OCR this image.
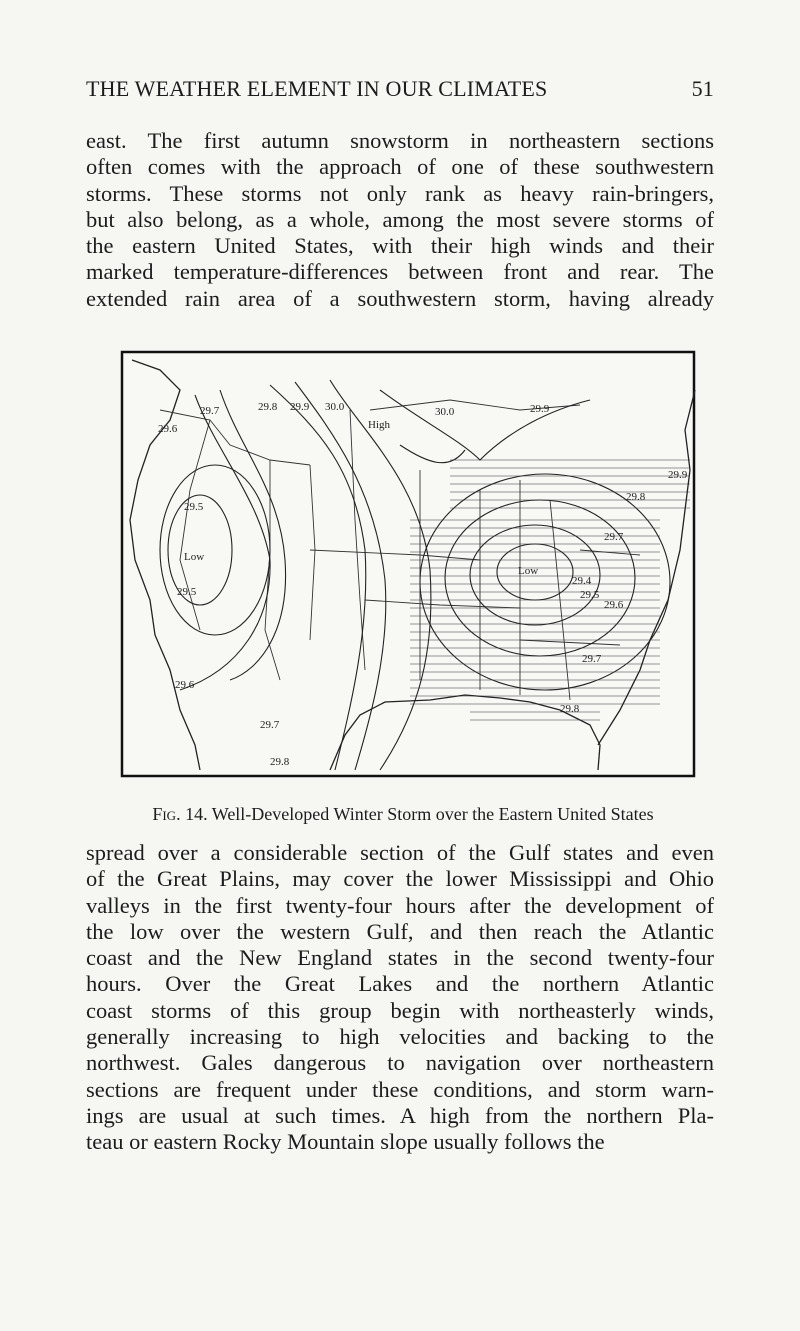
THE WEATHER ELEMENT IN OUR CLIMATES	51
east. The first autumn snowstorm in northeastern sections
often comes with the approach of one of these southwestern
storms. These storms not only rank as heavy rain-bringers,
but also belong, as a whole, among the most severe storms of
the eastern United States, with their high winds and their
marked temperature-differences between front and rear. The
extended rain area of a southwestern storm, having already
29.8 29.9 30.0
29.7
29.6
29.5
29.5
29.6
29.7
29.8
Low
30.0	29.9
High
Low
29.9
29.8
29.7
29.4
29.5
29.6
29.7
29.8
Fig. 14. Well-Developed Winter Storm over the Eastern United States
spread over a considerable section of the Gulf states and even
of the Great Plains, may cover the lower Mississippi and Ohio
valleys in the first twenty-four hours after the development of
the low over the western Gulf, and then reach the Atlantic
coast and the New England states in the second twenty-four
hours. Over the Great Lakes and the northern Atlantic
coast storms of this group begin with northeasterly winds,
generally increasing to high velocities and backing to the
northwest. Gales dangerous to navigation over northeastern
sections are frequent under these conditions, and storm warn-
ings are usual at such times. A high from the northern Pla-
teau or eastern Rocky Mountain slope usually follows the
